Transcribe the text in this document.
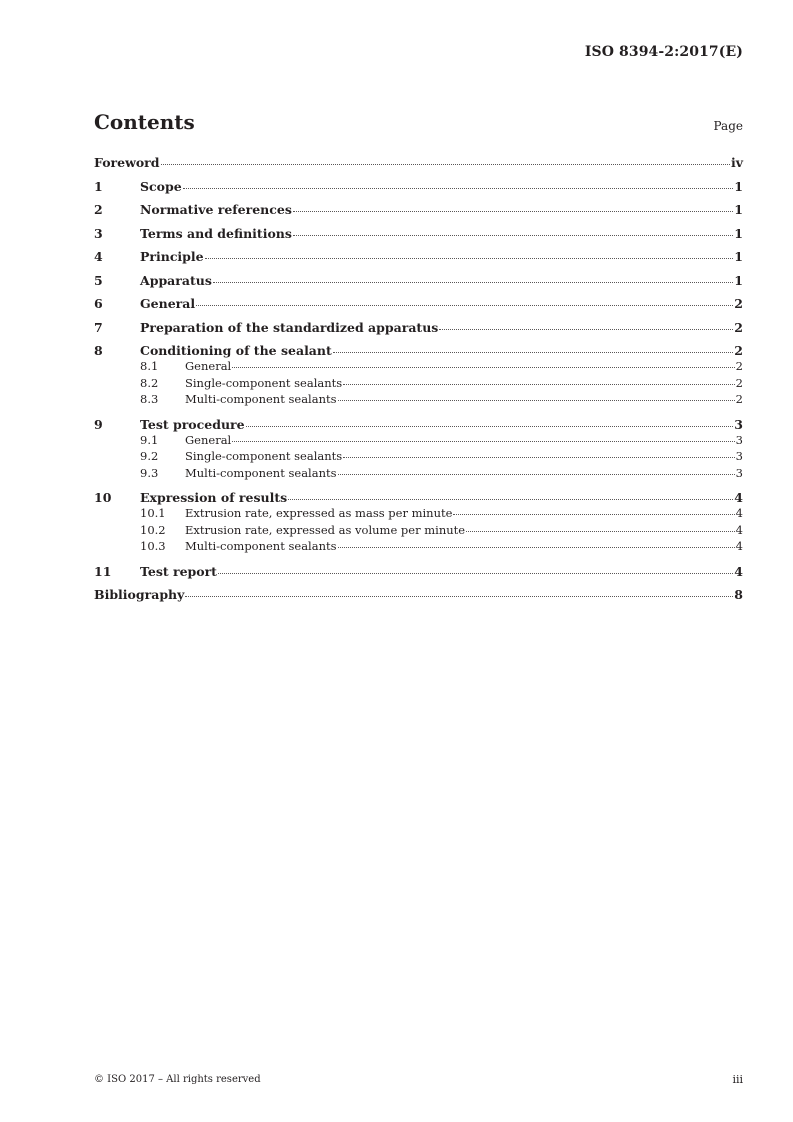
ISO 8394-2:2017(E)
Contents	Page
Foreword	iv
1	Scope	1
2	Normative references	1
3	Terms and definitions	1
4	Principle	1
5	Apparatus	1
6	General	2
7	Preparation of the standardized apparatus	2
8	Conditioning of the sealant	2
8.1	General	2
8.2	Single-component sealants	2
8.3	Multi-component sealants	2
9	Test procedure	3
9.1	General	3
9.2	Single-component sealants	3
9.3	Multi-component sealants	3
10	Expression of results	4
10.1	Extrusion rate, expressed as mass per minute	4
10.2	Extrusion rate, expressed as volume per minute	4
10.3	Multi-component sealants	4
11	Test report	4
Bibliography	8
© ISO 2017 – All rights reserved	iii
